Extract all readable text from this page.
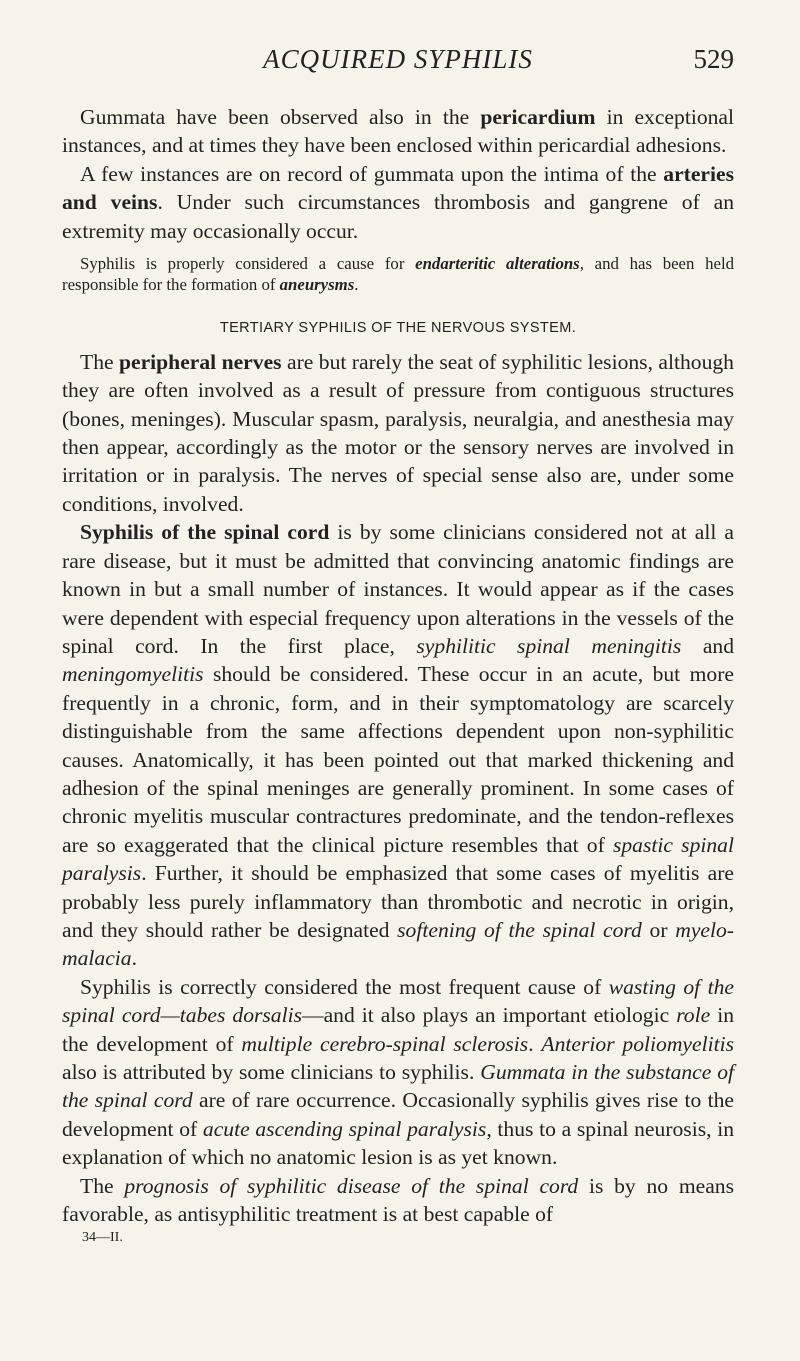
ACQUIRED SYPHILIS	529

Gummata have been observed also in the pericardium in exceptional instances, and at times they have been enclosed within pericardial adhesions.

A few instances are on record of gummata upon the intima of the arteries and veins. Under such circumstances thrombosis and gangrene of an extremity may occasionally occur.

Syphilis is properly considered a cause for endarteritic alterations, and has been held responsible for the formation of aneurysms.

TERTIARY SYPHILIS OF THE NERVOUS SYSTEM.

The peripheral nerves are but rarely the seat of syphilitic lesions, although they are often involved as a result of pressure from contiguous structures (bones, meninges). Muscular spasm, paralysis, neuralgia, and anesthesia may then appear, accordingly as the motor or the sensory nerves are involved in irritation or in paralysis. The nerves of special sense also are, under some conditions, involved.

Syphilis of the spinal cord is by some clinicians considered not at all a rare disease, but it must be admitted that convincing anatomic findings are known in but a small number of instances. It would appear as if the cases were dependent with especial frequency upon alterations in the vessels of the spinal cord. In the first place, syphilitic spinal meningitis and meningomyelitis should be considered. These occur in an acute, but more frequently in a chronic, form, and in their symptomatology are scarcely distinguishable from the same affections dependent upon non-syphilitic causes. Anatomically, it has been pointed out that marked thickening and adhesion of the spinal meninges are generally prominent. In some cases of chronic myelitis muscular contractures predominate, and the tendon-reflexes are so exaggerated that the clinical picture resembles that of spastic spinal paralysis. Further, it should be emphasized that some cases of myelitis are probably less purely inflammatory than thrombotic and necrotic in origin, and they should rather be designated softening of the spinal cord or myelomalacia.

Syphilis is correctly considered the most frequent cause of wasting of the spinal cord—tabes dorsalis—and it also plays an important etiologic role in the development of multiple cerebro-spinal sclerosis. Anterior poliomyelitis also is attributed by some clinicians to syphilis. Gummata in the substance of the spinal cord are of rare occurrence. Occasionally syphilis gives rise to the development of acute ascending spinal paralysis, thus to a spinal neurosis, in explanation of which no anatomic lesion is as yet known.

The prognosis of syphilitic disease of the spinal cord is by no means favorable, as antisyphilitic treatment is at best capable of

34—II.
